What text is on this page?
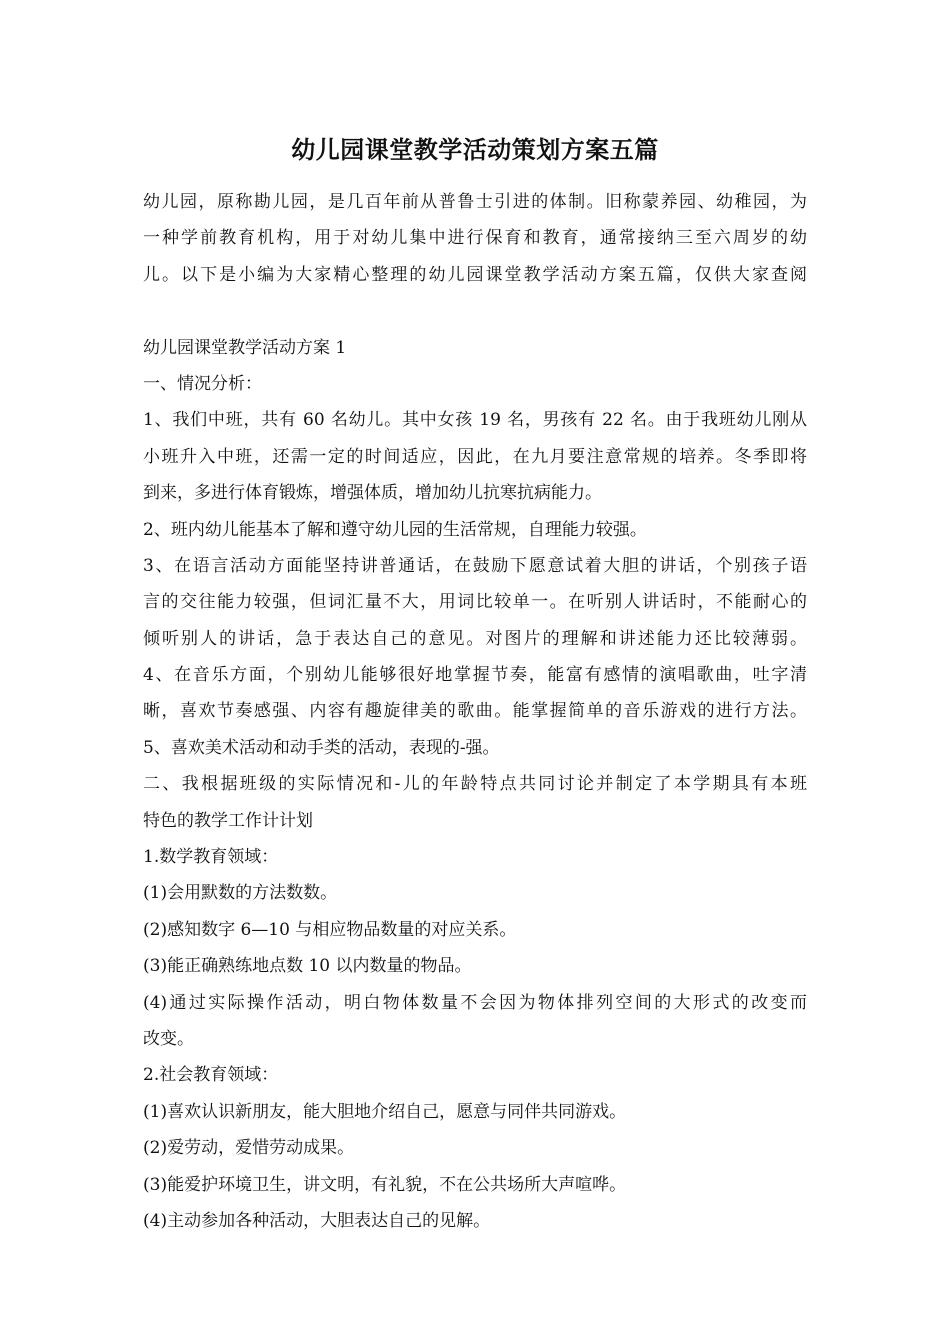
幼儿园课堂教学活动策划方案五篇
幼儿园，原称勘儿园，是几百年前从普鲁士引进的体制。旧称蒙养园、幼稚园，为
一种学前教育机构，用于对幼儿集中进行保育和教育，通常接纳三至六周岁的幼
儿。以下是小编为大家精心整理的幼儿园课堂教学活动方案五篇，仅供大家查阅
幼儿园课堂教学活动方案 1
一、情况分析：
1、我们中班，共有 60 名幼儿。其中女孩 19 名，男孩有 22 名。由于我班幼儿刚从
小班升入中班，还需一定的时间适应，因此，在九月要注意常规的培养。冬季即将
到来，多进行体育锻炼，增强体质，增加幼儿抗寒抗病能力。
2、班内幼儿能基本了解和遵守幼儿园的生活常规，自理能力较强。
3、在语言活动方面能坚持讲普通话，在鼓励下愿意试着大胆的讲话，个别孩子语
言的交往能力较强，但词汇量不大，用词比较单一。在听别人讲话时，不能耐心的
倾听别人的讲话，急于表达自己的意见。对图片的理解和讲述能力还比较薄弱。
4、在音乐方面，个别幼儿能够很好地掌握节奏，能富有感情的演唱歌曲，吐字清
晰，喜欢节奏感强、内容有趣旋律美的歌曲。能掌握简单的音乐游戏的进行方法。
5、喜欢美术活动和动手类的活动，表现的-强。
二、我根据班级的实际情况和-儿的年龄特点共同讨论并制定了本学期具有本班
特色的教学工作计计划
1.数学教育领域：
(1)会用默数的方法数数。
(2)感知数字 6—10 与相应物品数量的对应关系。
(3)能正确熟练地点数 10 以内数量的物品。
(4)通过实际操作活动，明白物体数量不会因为物体排列空间的大形式的改变而
改变。
2.社会教育领域：
(1)喜欢认识新朋友，能大胆地介绍自己，愿意与同伴共同游戏。
(2)爱劳动，爱惜劳动成果。
(3)能爱护环境卫生，讲文明，有礼貌，不在公共场所大声喧哗。
(4)主动参加各种活动，大胆表达自己的见解。
